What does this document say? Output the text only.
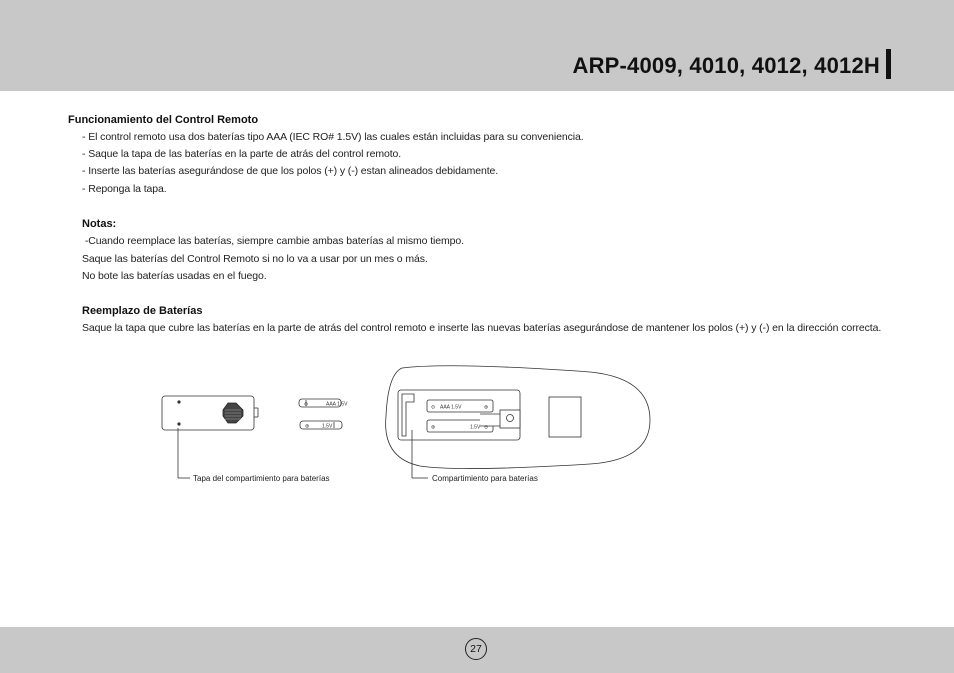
ARP-4009, 4010, 4012, 4012H
Funcionamiento del Control Remoto
- El control remoto usa dos baterías tipo AAA (IEC RO# 1.5V) las cuales están incluidas para su conveniencia.
- Saque la tapa de las baterías en la parte de atrás del control remoto.
- Inserte las baterías asegurándose de que los polos (+) y (-) estan alineados debidamente.
- Reponga la tapa.
Notas:
-Cuando reemplace las baterías, siempre cambie ambas baterías al mismo tiempo.
Saque las baterías del Control Remoto si no lo va a usar por un mes o más.
No bote las baterías usadas en el fuego.
Reemplazo de Baterías
Saque la tapa que cubre las baterías en la parte de atrás del control remoto e inserte las nuevas baterías asegurándose de mantener los polos (+) y (-) en la dirección correcta.
⊖	AAA 1.5V
⊕	1.5V
⊖ AAA 1.5V	⊕
⊕	1.5V ⊖
Tapa del compartimiento para baterías	Compartimiento para baterías
27
